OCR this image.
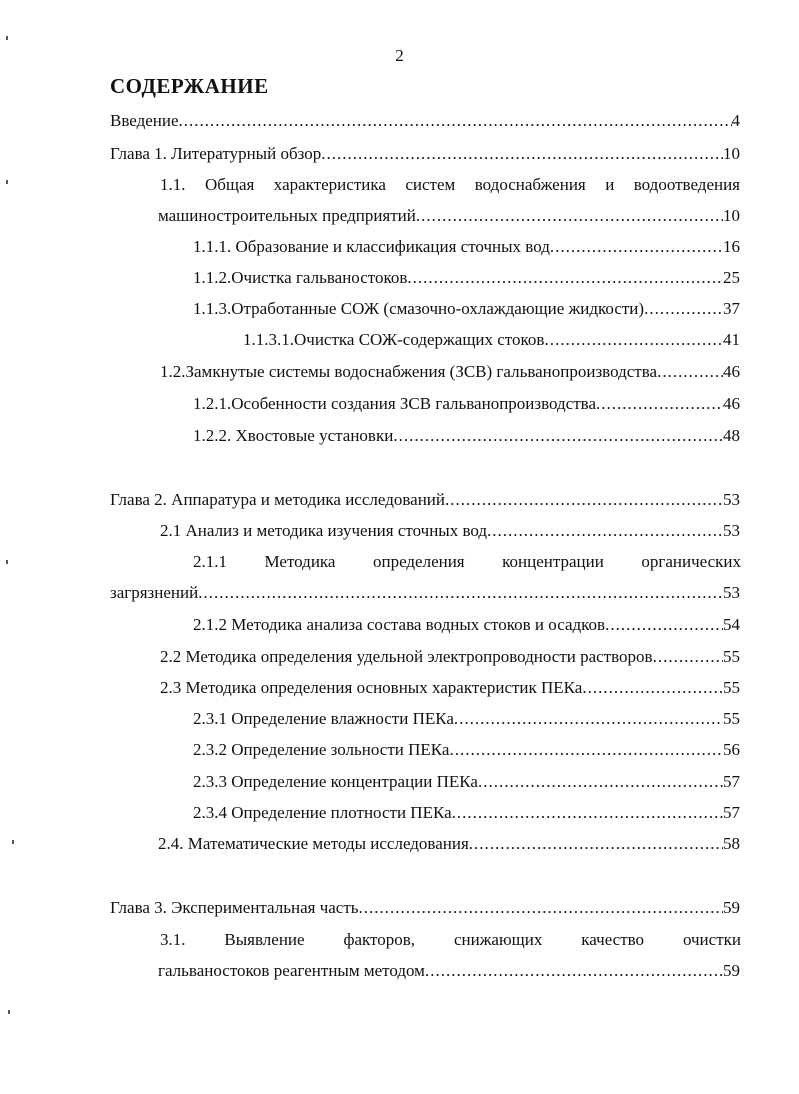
2
СОДЕРЖАНИЕ
Введение .....	4
Глава 1. Литературный обзор .....	10
1.1. Общая характеристика систем водоснабжения и водоотведения
машиностроительных предприятий .....	10
1.1.1. Образование и классификация сточных вод .....	16
1.1.2.Очистка гальваностоков .....	25
1.1.3.Отработанные СОЖ (смазочно-охлаждающие жидкости) .....	37
1.1.3.1.Очистка СОЖ-содержащих стоков .....	41
1.2.Замкнутые системы водоснабжения (ЗСВ) гальванопроизводства .....	46
1.2.1.Особенности создания ЗСВ гальванопроизводства .....	46
1.2.2. Хвостовые установки .....	48
Глава 2. Аппаратура и методика исследований .....	53
2.1 Анализ и методика изучения сточных вод .....	53
2.1.1 Методика определения концентрации органических
загрязнений .....	53
2.1.2 Методика анализа состава водных стоков и осадков .....	54
2.2 Методика определения удельной электропроводности растворов .....	55
2.3 Методика определения основных характеристик ПЕКа .....	55
2.3.1 Определение влажности ПЕКа .....	55
2.3.2 Определение зольности ПЕКа .....	56
2.3.3 Определение концентрации ПЕКа .....	57
2.3.4 Определение плотности ПЕКа .....	57
2.4. Математические методы исследования .....	58
Глава 3. Экспериментальная часть .....	59
3.1. Выявление факторов, снижающих качество очистки
гальваностоков реагентным методом .....	59
